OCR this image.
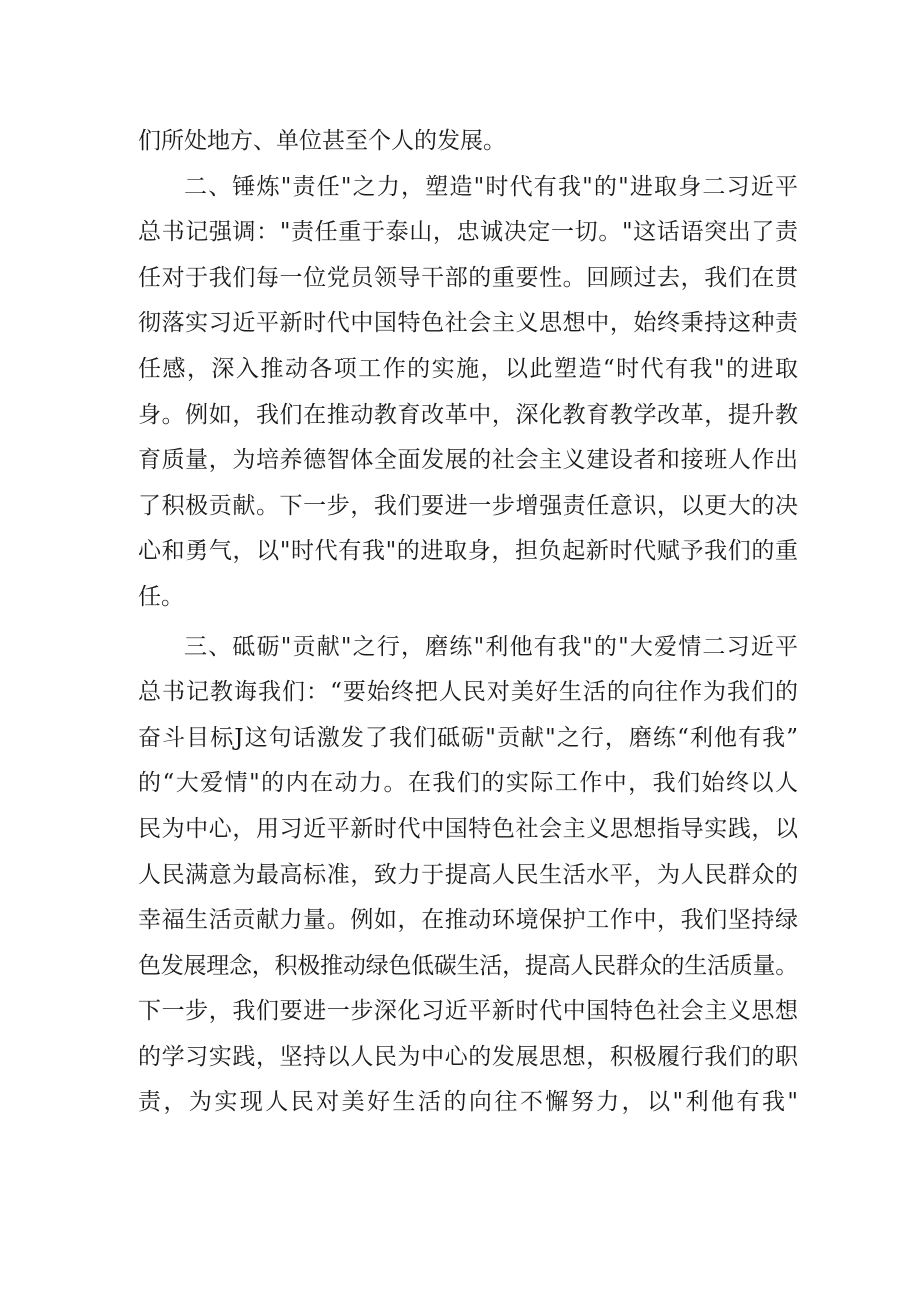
们所处地方、单位甚至个人的发展。
二、锤炼"责任"之力，塑造"时代有我"的"进取身二习近平
总书记强调："责任重于泰山，忠诚决定一切。"这话语突出了责
任对于我们每一位党员领导干部的重要性。回顾过去，我们在贯
彻落实习近平新时代中国特色社会主义思想中，始终秉持这种责
任感，深入推动各项工作的实施，以此塑造“时代有我"的进取
身。例如，我们在推动教育改革中，深化教育教学改革，提升教
育质量，为培养德智体全面发展的社会主义建设者和接班人作出
了积极贡献。下一步，我们要进一步增强责任意识，以更大的决
心和勇气，以"时代有我"的进取身，担负起新时代赋予我们的重
任。
三、砥砺"贡献"之行，磨练"利他有我"的"大爱情二习近平
总书记教诲我们：“要始终把人民对美好生活的向往作为我们的
奋斗目标J这句话激发了我们砥砺"贡献"之行，磨练“利他有我”
的“大爱情"的内在动力。在我们的实际工作中，我们始终以人
民为中心，用习近平新时代中国特色社会主义思想指导实践，以
人民满意为最高标准，致力于提高人民生活水平，为人民群众的
幸福生活贡献力量。例如，在推动环境保护工作中，我们坚持绿
色发展理念，积极推动绿色低碳生活，提高人民群众的生活质量。
下一步，我们要进一步深化习近平新时代中国特色社会主义思想
的学习实践，坚持以人民为中心的发展思想，积极履行我们的职
责，为实现人民对美好生活的向往不懈努力，以"利他有我"
